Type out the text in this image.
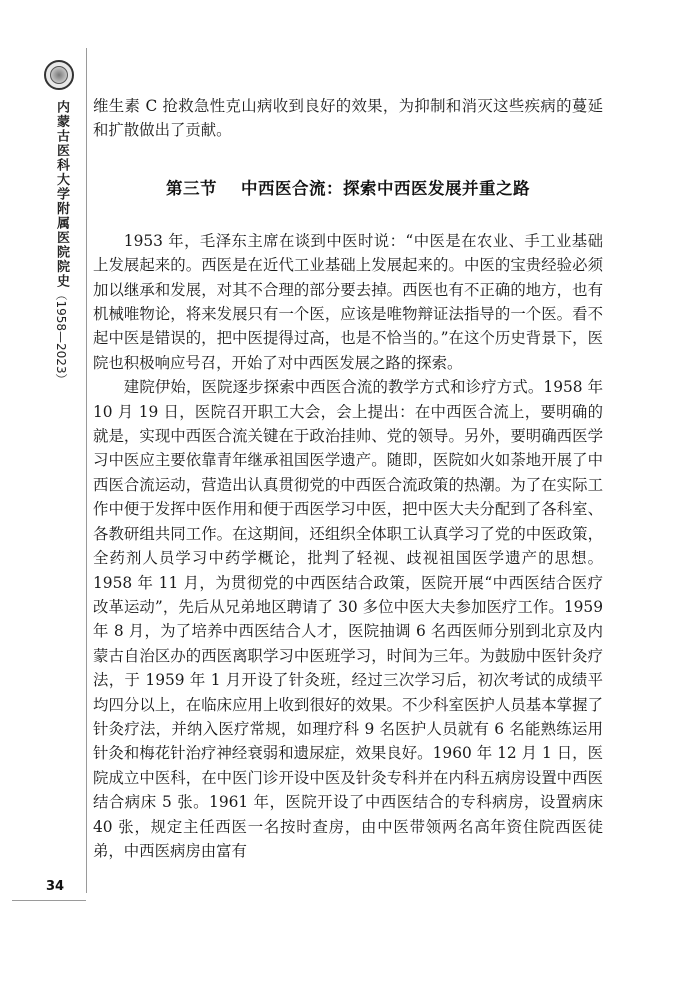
内蒙古医科大学附属医院院史（1958—2023）
34

维生素 C 抢救急性克山病收到良好的效果，为抑制和消灭这些疾病的蔓延和扩散做出了贡献。

第三节 中西医合流：探索中西医发展并重之路

1953 年，毛泽东主席在谈到中医时说：“中医是在农业、手工业基础上发展起来的。西医是在近代工业基础上发展起来的。中医的宝贵经验必须加以继承和发展，对其不合理的部分要去掉。西医也有不正确的地方，也有机械唯物论，将来发展只有一个医，应该是唯物辩证法指导的一个医。看不起中医是错误的，把中医提得过高，也是不恰当的。”在这个历史背景下，医院也积极响应号召，开始了对中西医发展之路的探索。

建院伊始，医院逐步探索中西医合流的教学方式和诊疗方式。1958 年 10 月 19 日，医院召开职工大会，会上提出：在中西医合流上，要明确的就是，实现中西医合流关键在于政治挂帅、党的领导。另外，要明确西医学习中医应主要依靠青年继承祖国医学遗产。随即，医院如火如荼地开展了中西医合流运动，营造出认真贯彻党的中西医合流政策的热潮。为了在实际工作中便于发挥中医作用和便于西医学习中医，把中医大夫分配到了各科室、各教研组共同工作。在这期间，还组织全体职工认真学习了党的中医政策，全药剂人员学习中药学概论，批判了轻视、歧视祖国医学遗产的思想。1958 年 11 月，为贯彻党的中西医结合政策，医院开展“中西医结合医疗改革运动”，先后从兄弟地区聘请了 30 多位中医大夫参加医疗工作。1959 年 8 月，为了培养中西医结合人才，医院抽调 6 名西医师分别到北京及内蒙古自治区办的西医离职学习中医班学习，时间为三年。为鼓励中医针灸疗法，于 1959 年 1 月开设了针灸班，经过三次学习后，初次考试的成绩平均四分以上，在临床应用上收到很好的效果。不少科室医护人员基本掌握了针灸疗法，并纳入医疗常规，如理疗科 9 名医护人员就有 6 名能熟练运用针灸和梅花针治疗神经衰弱和遗尿症，效果良好。1960 年 12 月 1 日，医院成立中医科，在中医门诊开设中医及针灸专科并在内科五病房设置中西医结合病床 5 张。1961 年，医院开设了中西医结合的专科病房，设置病床 40 张，规定主任西医一名按时查房，由中医带领两名高年资住院西医徒弟，中西医病房由富有
